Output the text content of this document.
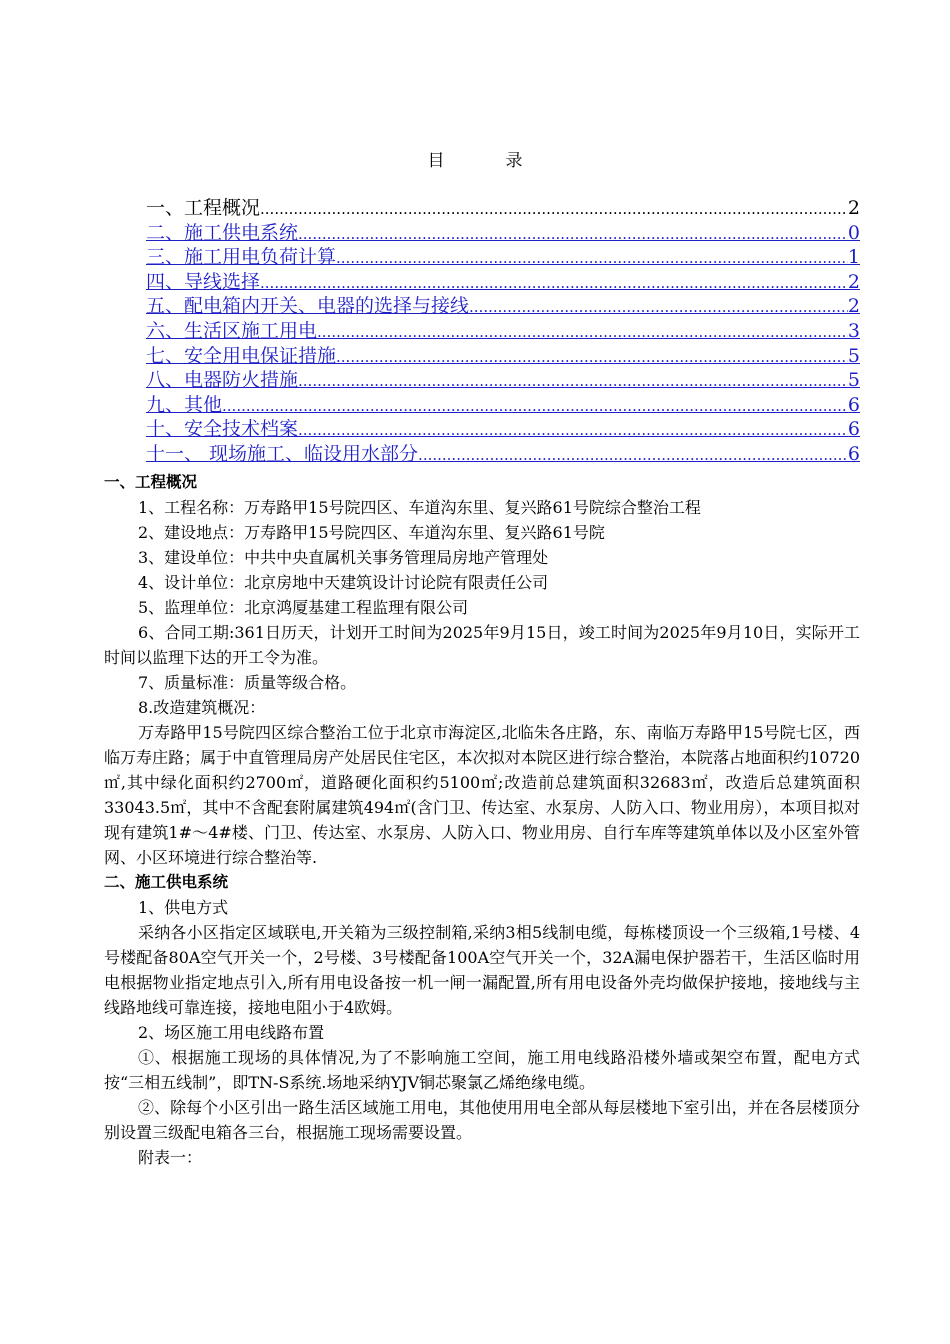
目　录
一、工程概况 .....	2
二、施工供电系统 .....	0
三、施工用电负荷计算 .....	1
四、导线选择 .....	2
五、配电箱内开关、电器的选择与接线 .....	2
六、生活区施工用电 .....	3
七、安全用电保证措施 .....	5
八、电器防火措施 .....	5
九、其他 .....	6
十、安全技术档案 .....	6
十一、 现场施工、临设用水部分 .....	6
一、工程概况

1、工程名称：万寿路甲15号院四区、车道沟东里、复兴路61号院综合整治工程

2、建设地点：万寿路甲15号院四区、车道沟东里、复兴路61号院

3、建设单位：中共中央直属机关事务管理局房地产管理处

4、设计单位：北京房地中天建筑设计讨论院有限责任公司

5、监理单位：北京鸿厦基建工程监理有限公司

6、合同工期:361日历天，计划开工时间为2025年9月15日，竣工时间为2025年9月10日，实际开工时间以监理下达的开工令为准。

7、质量标准：质量等级合格。

8.改造建筑概况：

万寿路甲15号院四区综合整治工位于北京市海淀区,北临朱各庄路，东、南临万寿路甲15号院七区，西临万寿庄路；属于中直管理局房产处居民住宅区，本次拟对本院区进行综合整治，本院落占地面积约10720㎡,其中绿化面积约2700㎡，道路硬化面积约5100㎡;改造前总建筑面积32683㎡，改造后总建筑面积33043.5㎡，其中不含配套附属建筑494㎡(含门卫、传达室、水泵房、人防入口、物业用房），本项目拟对现有建筑1#～4#楼、门卫、传达室、水泵房、人防入口、物业用房、自行车库等建筑单体以及小区室外管网、小区环境进行综合整治等.

二、施工供电系统

1、供电方式

采纳各小区指定区域联电,开关箱为三级控制箱,采纳3相5线制电缆，每栋楼顶设一个三级箱,1号楼、4号楼配备80A空气开关一个，2号楼、3号楼配备100A空气开关一个，32A漏电保护器若干，生活区临时用电根据物业指定地点引入,所有用电设备按一机一闸一漏配置,所有用电设备外壳均做保护接地，接地线与主线路地线可靠连接，接地电阻小于4欧姆。

2、场区施工用电线路布置

①、根据施工现场的具体情况,为了不影响施工空间，施工用电线路沿楼外墙或架空布置，配电方式按“三相五线制”，即TN-S系统.场地采纳YJV铜芯聚氯乙烯绝缘电缆。

②、除每个小区引出一路生活区域施工用电，其他使用用电全部从每层楼地下室引出，并在各层楼顶分别设置三级配电箱各三台，根据施工现场需要设置。

附表一：
